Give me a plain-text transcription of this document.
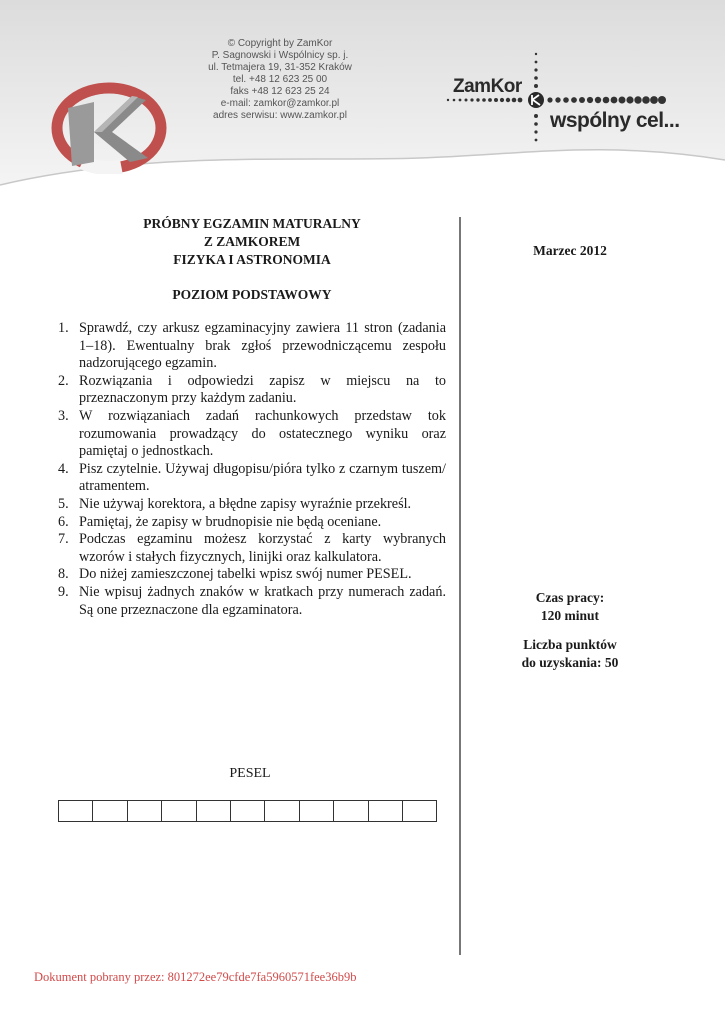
© Copyright by ZamKor
P. Sagnowski i Wspólnicy sp. j.
ul. Tetmajera 19, 31-352 Kraków
tel. +48 12 623 25 00
faks +48 12 623 25 24
e-mail: zamkor@zamkor.pl
adres serwisu: www.zamkor.pl
ZamKor
wspólny cel...
PRÓBNY EGZAMIN MATURALNY
Z ZAMKOREM
FIZYKA I ASTRONOMIA
POZIOM PODSTAWOWY
Marzec 2012
Czas pracy:
120 minut
Liczba punktów
do uzyskania: 50
1. Sprawdź, czy arkusz egzaminacyjny zawiera 11 stron (zadania 1–18). Ewentualny brak zgłoś przewodniczącemu zespołu nadzorującego egzamin.
2. Rozwiązania i odpowiedzi zapisz w miejscu na to przeznaczonym przy każdym zadaniu.
3. W rozwiązaniach zadań rachunkowych przedstaw tok rozumowania prowadzący do ostatecznego wyniku oraz pamiętaj o jednostkach.
4. Pisz czytelnie. Używaj długopisu/pióra tylko z czarnym tuszem/ atramentem.
5. Nie używaj korektora, a błędne zapisy wyraźnie przekreśl.
6. Pamiętaj, że zapisy w brudnopisie nie będą oceniane.
7. Podczas egzaminu możesz korzystać z karty wybranych wzorów i stałych fizycznych, linijki oraz kalkulatora.
8. Do niżej zamieszczonej tabelki wpisz swój numer PESEL.
9. Nie wpisuj żadnych znaków w kratkach przy numerach zadań. Są one przeznaczone dla egzaminatora.
PESEL
Dokument pobrany przez: 801272ee79cfde7fa5960571fee36b9b
